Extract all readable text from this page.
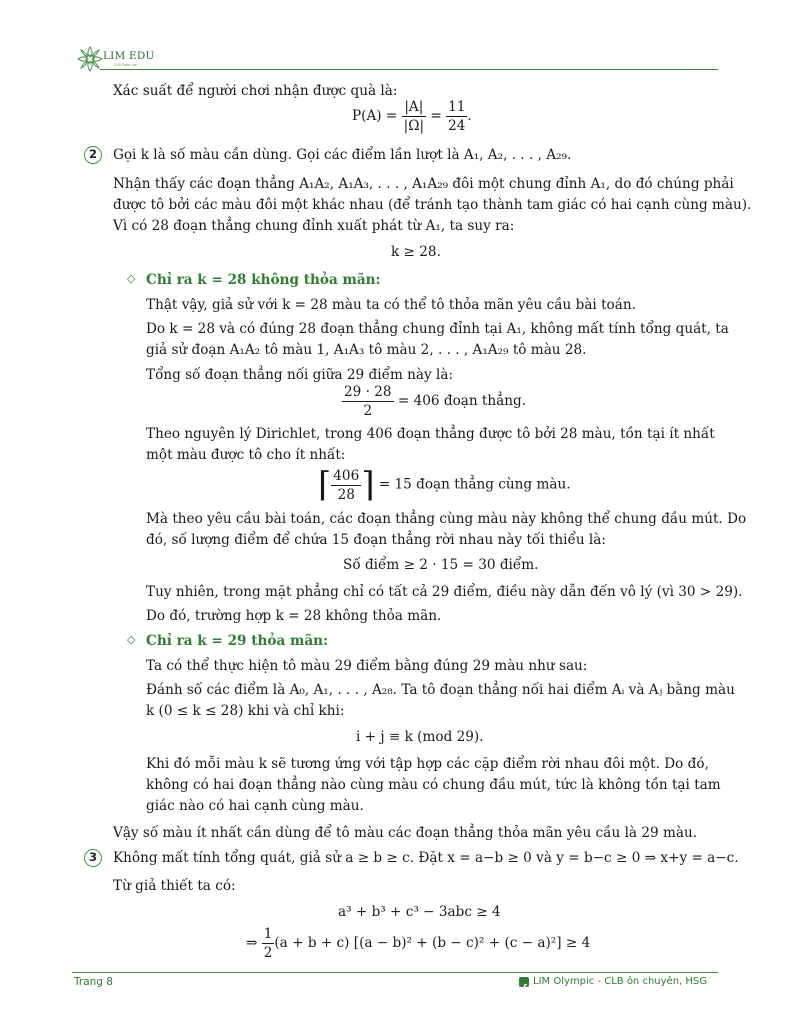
LIM EDU
CLB Toán Lim
Xác suất để người chơi nhận được quà là:
$P(A) = \frac{|A|}{|\Omega|} = \frac{11}{24}$ .
2	Gọi k là số màu cần dùng. Gọi các điểm lần lượt là A₁, A₂, . . . , A₂₉.
Nhận thấy các đoạn thẳng A₁A₂, A₁A₃, . . . , A₁A₂₉ đôi một chung đỉnh A₁, do đó chúng phải
được tô bởi các màu đôi một khác nhau (để tránh tạo thành tam giác có hai cạnh cùng màu).
Vì có 28 đoạn thẳng chung đỉnh xuất phát từ A₁, ta suy ra:
k ≥ 28.
◇ Chỉ ra k = 28 không thỏa mãn:
Thật vậy, giả sử với k = 28 màu ta có thể tô thỏa mãn yêu cầu bài toán.
Do k = 28 và có đúng 28 đoạn thẳng chung đỉnh tại A₁, không mất tính tổng quát, ta
giả sử đoạn A₁A₂ tô màu 1, A₁A₃ tô màu 2, . . . , A₁A₂₉ tô màu 28.
Tổng số đoạn thẳng nối giữa 29 điểm này là:
$\frac{29 \cdot 28}{2} = 406$ đoạn thẳng.
Theo nguyên lý Dirichlet, trong 406 đoạn thẳng được tô bởi 28 màu, tồn tại ít nhất
một màu được tô cho ít nhất:
⌈ $\frac{406}{28}$ ⌉ = 15 đoạn thẳng cùng màu.
Mà theo yêu cầu bài toán, các đoạn thẳng cùng màu này không thể chung đầu mút. Do
đó, số lượng điểm để chứa 15 đoạn thẳng rời nhau này tối thiểu là:
Số điểm ≥ 2 · 15 = 30 điểm.
Tuy nhiên, trong mặt phẳng chỉ có tất cả 29 điểm, điều này dẫn đến vô lý (vì 30 > 29).
Do đó, trường hợp k = 28 không thỏa mãn.
◇ Chỉ ra k = 29 thỏa mãn:
Ta có thể thực hiện tô màu 29 điểm bằng đúng 29 màu như sau:
Đánh số các điểm là A₀, A₁, . . . , A₂₈. Ta tô đoạn thẳng nối hai điểm Aᵢ và Aⱼ bằng màu
k (0 ≤ k ≤ 28) khi và chỉ khi:
i + j ≡ k (mod 29).
Khi đó mỗi màu k sẽ tương ứng với tập hợp các cặp điểm rời nhau đôi một. Do đó,
không có hai đoạn thẳng nào cùng màu có chung đầu mút, tức là không tồn tại tam
giác nào có hai cạnh cùng màu.
Vậy số màu ít nhất cần dùng để tô màu các đoạn thẳng thỏa mãn yêu cầu là 29 màu.
3	Không mất tính tổng quát, giả sử a ≥ b ≥ c. Đặt x = a−b ≥ 0 và y = b−c ≥ 0 ⇒ x+y = a−c.
Từ giả thiết ta có:
a³ + b³ + c³ − 3abc ≥ 4
⇒ $\frac{1}{2} (a + b + c) [(a - b)^2 + (b - c)^2 + (c - a)^2] \ge 4$
Trang 8	LIM Olympic - CLB ôn chuyên, HSG
